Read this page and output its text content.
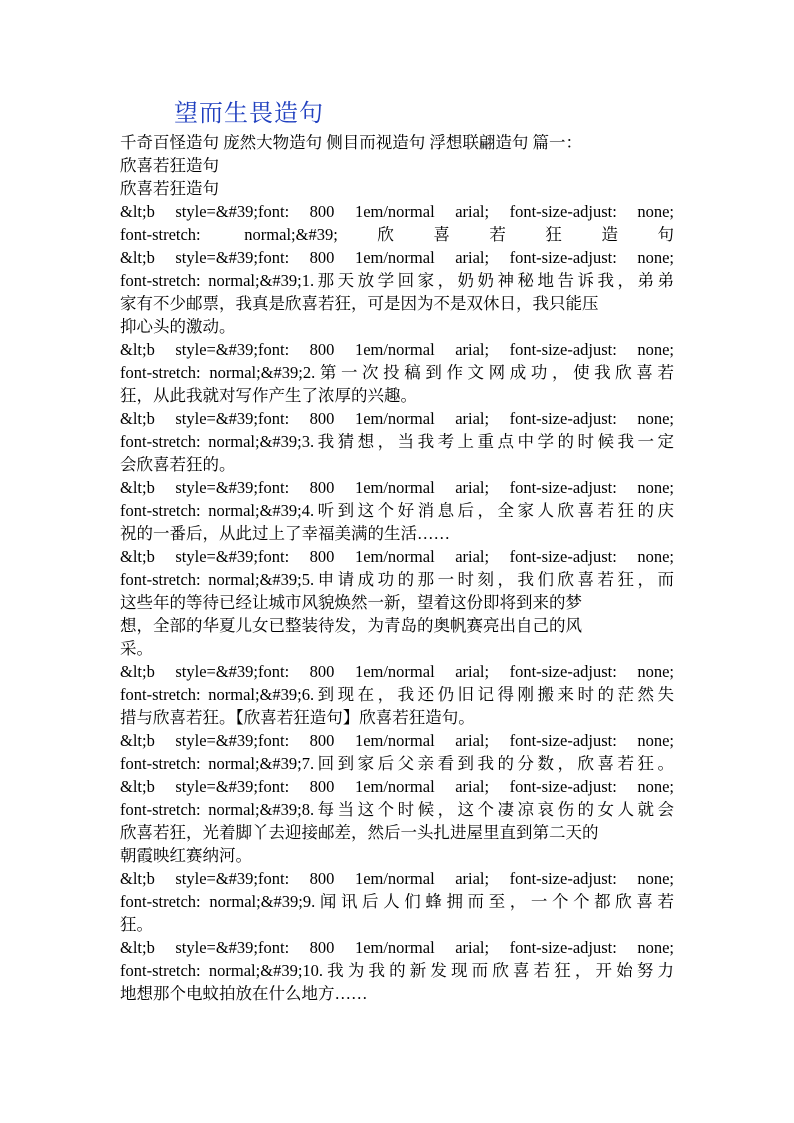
望而生畏造句
千奇百怪造句 庞然大物造句 侧目而视造句 浮想联翩造句 篇一：
欣喜若狂造句
欣喜若狂造句
&lt;b style=&#39;font: 800 1em/normal arial; font-size-adjust: none;
font-stretch: normal;&#39;欣喜若狂造句
&lt;b style=&#39;font: 800 1em/normal arial; font-size-adjust: none;
font-stretch: normal;&#39;1.那天放学回家，奶奶神秘地告诉我，弟弟
家有不少邮票，我真是欣喜若狂，可是因为不是双休日，我只能压
抑心头的激动。
&lt;b style=&#39;font: 800 1em/normal arial; font-size-adjust: none;
font-stretch: normal;&#39;2.第一次投稿到作文网成功，使我欣喜若
狂，从此我就对写作产生了浓厚的兴趣。
&lt;b style=&#39;font: 800 1em/normal arial; font-size-adjust: none;
font-stretch: normal;&#39;3.我猜想，当我考上重点中学的时候我一定
会欣喜若狂的。
&lt;b style=&#39;font: 800 1em/normal arial; font-size-adjust: none;
font-stretch: normal;&#39;4.听到这个好消息后，全家人欣喜若狂的庆
祝的一番后，从此过上了幸福美满的生活……
&lt;b style=&#39;font: 800 1em/normal arial; font-size-adjust: none;
font-stretch: normal;&#39;5.申请成功的那一时刻，我们欣喜若狂，而
这些年的等待已经让城市风貌焕然一新，望着这份即将到来的梦
想，全部的华夏儿女已整装待发，为青岛的奥帆赛亮出自己的风
采。
&lt;b style=&#39;font: 800 1em/normal arial; font-size-adjust: none;
font-stretch: normal;&#39;6.到现在，我还仍旧记得刚搬来时的茫然失
措与欣喜若狂。【欣喜若狂造句】欣喜若狂造句。
&lt;b style=&#39;font: 800 1em/normal arial; font-size-adjust: none;
font-stretch: normal;&#39;7.回到家后父亲看到我的分数，欣喜若狂。
&lt;b style=&#39;font: 800 1em/normal arial; font-size-adjust: none;
font-stretch: normal;&#39;8.每当这个时候，这个凄凉哀伤的女人就会
欣喜若狂，光着脚丫去迎接邮差，然后一头扎进屋里直到第二天的
朝霞映红赛纳河。
&lt;b style=&#39;font: 800 1em/normal arial; font-size-adjust: none;
font-stretch: normal;&#39;9.闻讯后人们蜂拥而至，一个个都欣喜若
狂。
&lt;b style=&#39;font: 800 1em/normal arial; font-size-adjust: none;
font-stretch: normal;&#39;10.我为我的新发现而欣喜若狂，开始努力
地想那个电蚊拍放在什么地方……
